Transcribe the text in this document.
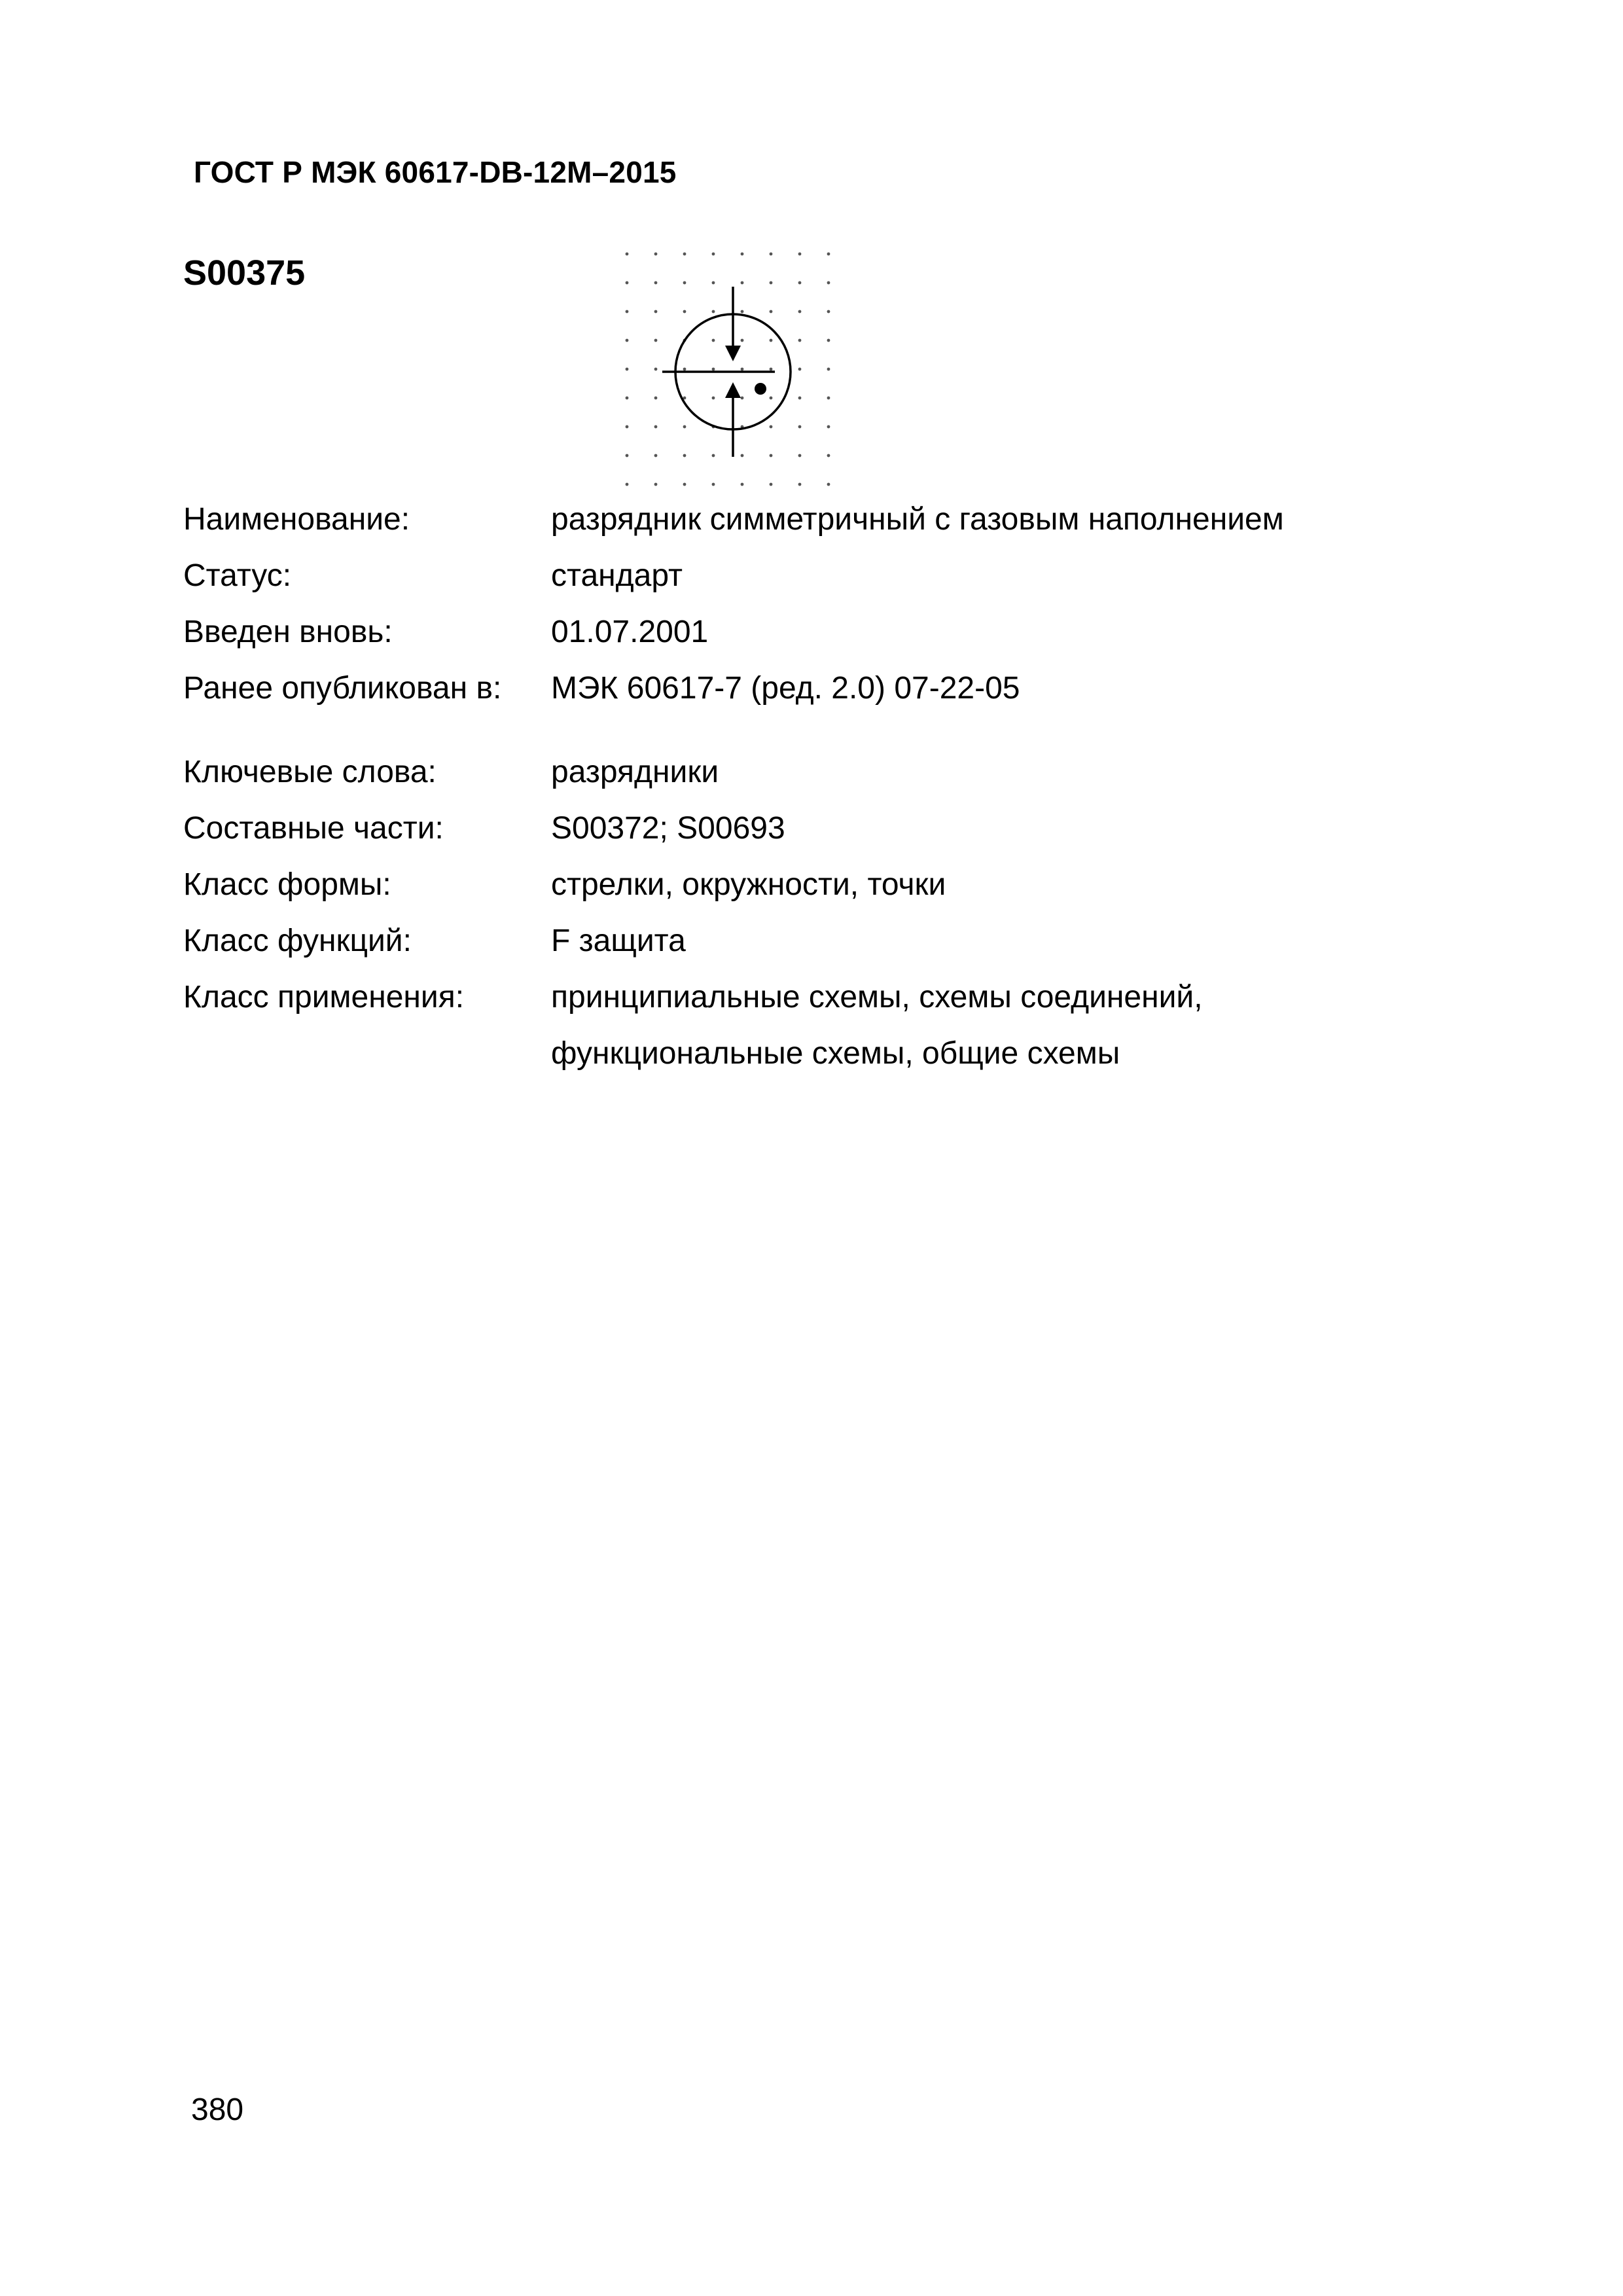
ГОСТ Р МЭК 60617-DB-12M–2015
S00375
Наименование:	разрядник симметричный с газовым наполнением
Статус:	стандарт
Введен вновь:	01.07.2001
Ранее опубликован в: МЭК 60617-7 (ред. 2.0) 07-22-05
Ключевые слова:	разрядники
Составные части:	S00372; S00693
Класс формы:	стрелки, окружности, точки
Класс функций:	F защита
Класс применения:	принципиальные схемы, схемы соединений,
функциональные схемы, общие схемы
380
